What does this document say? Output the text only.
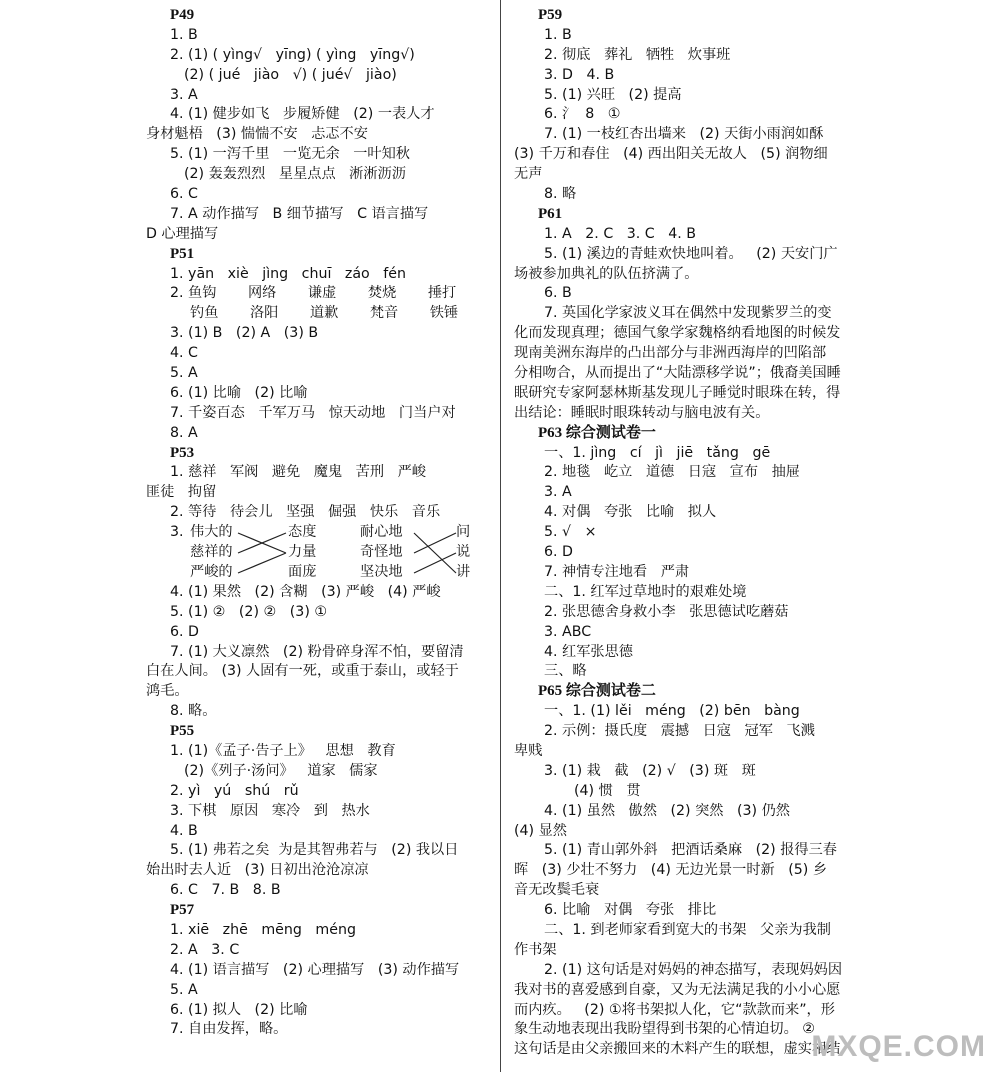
P49
1. B
2. (1) ( yìng√   yīng) ( yìng   yīng√)
(2) ( jué   jiào   √) ( jué√   jiào)
3. A
4. (1) 健步如飞   步履矫健   (2) 一表人才
身材魁梧   (3) 惴惴不安   忐忑不安
5. (1) 一泻千里   一览无余   一叶知秋
(2) 轰轰烈烈   星星点点   淅淅沥沥
6. C
7. A 动作描写   B 细节描写   C 语言描写
D 心理描写
P51
1. yān   xiè   jìng   chuī   záo   fén
2. 鱼钩       网络       谦虚       焚烧       捶打
钓鱼       洛阳       道歉       梵音       铁锤
3. (1) B   (2) A   (3) B
4. C
5. A
6. (1) 比喻   (2) 比喻
7. 千姿百态   千军万马   惊天动地   门当户对
8. A
P53
1. 慈祥   军阀   避免   魔鬼   苦刑   严峻
匪徒   拘留
2. 等待   待会儿   坚强   倔强   快乐   音乐
3. 伟大的
慈祥的
严峻的
态度
力量
面庞
耐心地
奇怪地
坚决地
问
说
讲
4. (1) 果然   (2) 含糊   (3) 严峻   (4) 严峻
5. (1) ②   (2) ②   (3) ①
6. D
7. (1) 大义凛然   (2) 粉骨碎身浑不怕，要留清
白在人间。 (3) 人固有一死，或重于泰山，或轻于
鸿毛。
8. 略。
P55
1. (1)《孟子·告子上》   思想   教育
(2)《列子·汤问》   道家   儒家
2. yì   yú   shú   rǔ
3. 下棋   原因   寒冷   到   热水
4. B
5. (1) 弗若之矣  为是其智弗若与   (2) 我以日
始出时去人近   (3) 日初出沧沧凉凉
6. C   7. B   8. B
P57
1. xiē   zhē   mēng   méng
2. A   3. C
4. (1) 语言描写   (2) 心理描写   (3) 动作描写
5. A
6. (1) 拟人   (2) 比喻
7. 自由发挥，略。
P59
1. B
2. 彻底   葬礼   牺牲   炊事班
3. D   4. B
5. (1) 兴旺   (2) 提高
6. 氵  8   ①
7. (1) 一枝红杏出墙来   (2) 天街小雨润如酥
(3) 千万和春住   (4) 西出阳关无故人   (5) 润物细
无声
8. 略
P61
1. A   2. C   3. C   4. B
5. (1) 溪边的青蛙欢快地叫着。   (2) 天安门广
场被参加典礼的队伍挤满了。
6. B
7. 英国化学家波义耳在偶然中发现紫罗兰的变
化而发现真理；德国气象学家魏格纳看地图的时候发
现南美洲东海岸的凸出部分与非洲西海岸的凹陷部
分相吻合，从而提出了“大陆漂移学说”；俄裔美国睡
眠研究专家阿瑟林斯基发现儿子睡觉时眼珠在转，得
出结论：睡眠时眼珠转动与脑电波有关。
P63 综合测试卷一
一、1. jìng   cí   jì   jiē   tǎng   gē
2. 地毯   屹立   道德   日寇   宣布   抽屉
3. A
4. 对偶   夸张   比喻   拟人
5. √   ×
6. D
7. 神情专注地看   严肃
二、1. 红军过草地时的艰难处境
2. 张思德舍身救小李   张思德试吃蘑菇
3. ABC
4. 红军张思德
三、略
P65 综合测试卷二
一、1. (1) lěi   méng   (2) bēn   bàng
2. 示例：摄氏度   震撼   日寇   冠军   飞溅
卑贱
3. (1) 栽   截   (2) √   (3) 斑   斑
(4) 惯   贯
4. (1) 虽然   傲然   (2) 突然   (3) 仍然
(4) 显然
5. (1) 青山郭外斜   把酒话桑麻   (2) 报得三春
晖   (3) 少壮不努力   (4) 无边光景一时新   (5) 乡
音无改鬓毛衰
6. 比喻   对偶   夸张   排比
二、1. 到老师家看到宽大的书架   父亲为我制
作书架
2. (1) 这句话是对妈妈的神态描写，表现妈妈因
我对书的喜爱感到自豪，又为无法满足我的小小心愿
而内疚。   (2) ①将书架拟人化，它“款款而来”，形
象生动地表现出我盼望得到书架的心情迫切。 ②
这句话是由父亲搬回来的木料产生的联想，虚实相结
MXQE.COM
